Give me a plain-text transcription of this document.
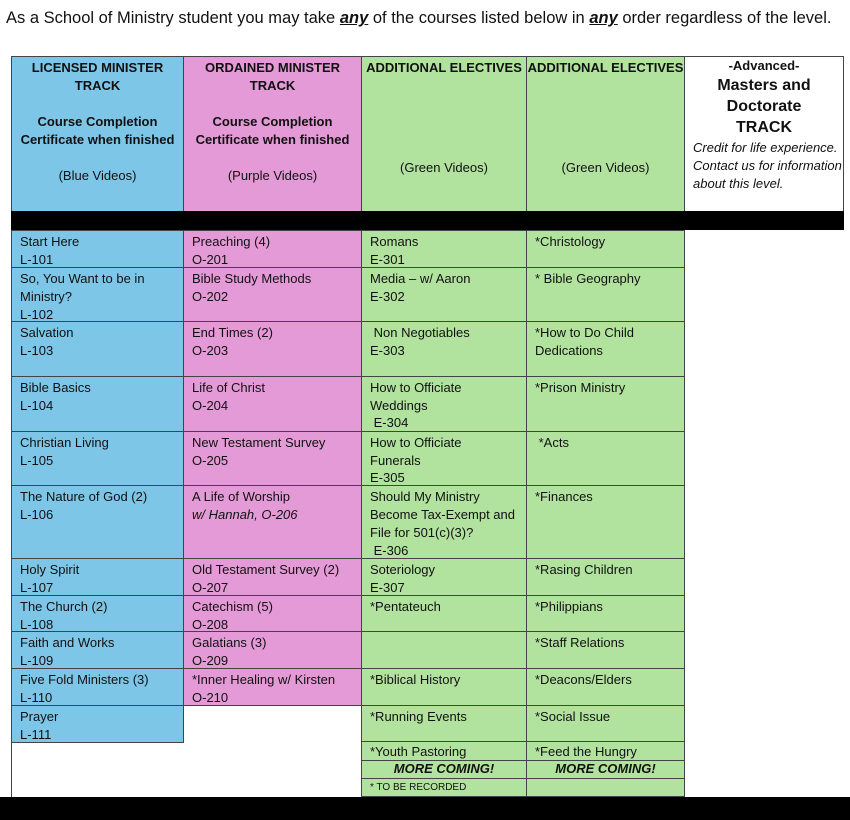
As a School of Ministry student you may take any of the courses listed below in any order regardless of the level.
LICENSED MINISTER TRACK
Course Completion Certificate when finished
(Blue Videos)
ORDAINED MINISTER TRACK
Course Completion Certificate when finished
(Purple Videos)
ADDITIONAL ELECTIVES
(Green Videos)
ADDITIONAL ELECTIVES
(Green Videos)
-Advanced-
Masters and Doctorate
TRACK
Credit for life experience. Contact us for information about this level.
Start Here
L-101
So, You Want to be in Ministry?
L-102
Salvation
L-103
Bible Basics
L-104
Christian Living
L-105
The Nature of God (2)
L-106
Holy Spirit
L-107
The Church (2)
L-108
Faith and Works
L-109
Five Fold Ministers (3)
L-110
Prayer
L-111
Preaching (4)
O-201
Bible Study Methods
O-202
End Times (2)
O-203
Life of Christ
O-204
New Testament Survey
O-205
A Life of Worship
w/ Hannah, O-206
Old Testament Survey (2)
O-207
Catechism (5)
O-208
Galatians (3)
O-209
*Inner Healing w/ Kirsten
O-210
Romans
E-301
Media – w/ Aaron
E-302
Non Negotiables
E-303
How to Officiate Weddings
E-304
How to Officiate Funerals
E-305
Should My Ministry Become Tax-Exempt and File for 501(c)(3)?
E-306
Soteriology
E-307
*Pentateuch
*Biblical History
*Running Events
*Youth Pastoring
MORE COMING!
* TO BE RECORDED
*Christology
* Bible Geography
*How to Do Child Dedications
*Prison Ministry
*Acts
*Finances
*Rasing Children
*Philippians
*Staff Relations
*Deacons/Elders
*Social Issue
*Feed the Hungry
MORE COMING!
